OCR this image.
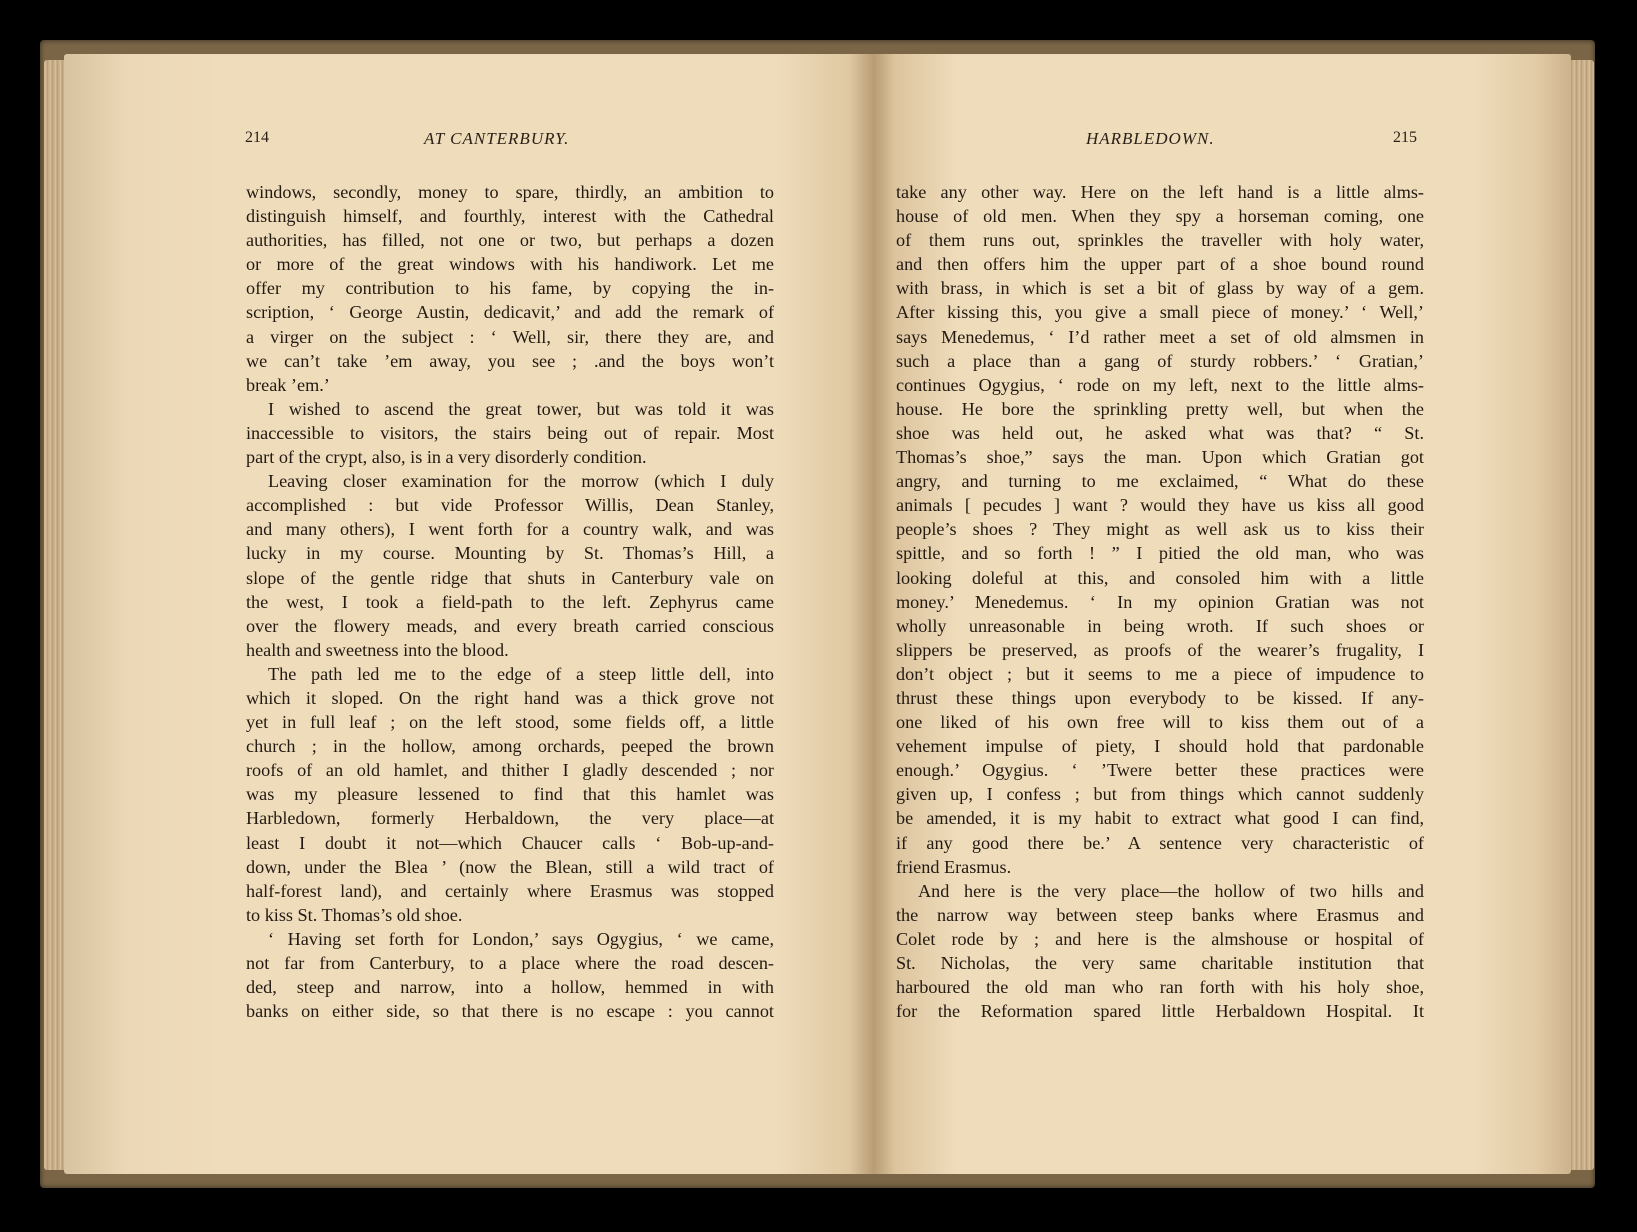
214	AT CANTERBURY.	HARBLEDOWN.	215
windows, secondly, money to spare, thirdly, an ambition to
distinguish himself, and fourthly, interest with the Cathedral
authorities, has filled, not one or two, but perhaps a dozen
or more of the great windows with his handiwork. Let me
offer my contribution to his fame, by copying the in-
scription, ‘ George Austin, dedicavit,’ and add the remark of
a virger on the subject : ‘ Well, sir, there they are, and
we can’t take ’em away, you see ; .and the boys won’t
break ’em.’
I wished to ascend the great tower, but was told it was
inaccessible to visitors, the stairs being out of repair. Most
part of the crypt, also, is in a very disorderly condition.
Leaving closer examination for the morrow (which I duly
accomplished : but vide Professor Willis, Dean Stanley,
and many others), I went forth for a country walk, and was
lucky in my course. Mounting by St. Thomas’s Hill, a
slope of the gentle ridge that shuts in Canterbury vale on
the west, I took a field-path to the left. Zephyrus came
over the flowery meads, and every breath carried conscious
health and sweetness into the blood.
The path led me to the edge of a steep little dell, into
which it sloped. On the right hand was a thick grove not
yet in full leaf ; on the left stood, some fields off, a little
church ; in the hollow, among orchards, peeped the brown
roofs of an old hamlet, and thither I gladly descended ; nor
was my pleasure lessened to find that this hamlet was
Harbledown, formerly Herbaldown, the very place—at
least I doubt it not—which Chaucer calls ‘ Bob-up-and-
down, under the Blea ’ (now the Blean, still a wild tract of
half-forest land), and certainly where Erasmus was stopped
to kiss St. Thomas’s old shoe.
‘ Having set forth for London,’ says Ogygius, ‘ we came,
not far from Canterbury, to a place where the road descen-
ded, steep and narrow, into a hollow, hemmed in with
banks on either side, so that there is no escape : you cannot
take any other way. Here on the left hand is a little alms-
house of old men. When they spy a horseman coming, one
of them runs out, sprinkles the traveller with holy water,
and then offers him the upper part of a shoe bound round
with brass, in which is set a bit of glass by way of a gem.
After kissing this, you give a small piece of money.’ ‘ Well,’
says Menedemus, ‘ I’d rather meet a set of old almsmen in
such a place than a gang of sturdy robbers.’ ‘ Gratian,’
continues Ogygius, ‘ rode on my left, next to the little alms-
house. He bore the sprinkling pretty well, but when the
shoe was held out, he asked what was that? “ St.
Thomas’s shoe,” says the man. Upon which Gratian got
angry, and turning to me exclaimed, “ What do these
animals [ pecudes ] want ? would they have us kiss all good
people’s shoes ? They might as well ask us to kiss their
spittle, and so forth ! ” I pitied the old man, who was
looking doleful at this, and consoled him with a little
money.’ Menedemus. ‘ In my opinion Gratian was not
wholly unreasonable in being wroth. If such shoes or
slippers be preserved, as proofs of the wearer’s frugality, I
don’t object ; but it seems to me a piece of impudence to
thrust these things upon everybody to be kissed. If any-
one liked of his own free will to kiss them out of a
vehement impulse of piety, I should hold that pardonable
enough.’ Ogygius. ‘ ’Twere better these practices were
given up, I confess ; but from things which cannot suddenly
be amended, it is my habit to extract what good I can find,
if any good there be.’ A sentence very characteristic of
friend Erasmus.
And here is the very place—the hollow of two hills and
the narrow way between steep banks where Erasmus and
Colet rode by ; and here is the almshouse or hospital of
St. Nicholas, the very same charitable institution that
harboured the old man who ran forth with his holy shoe,
for the Reformation spared little Herbaldown Hospital. It
